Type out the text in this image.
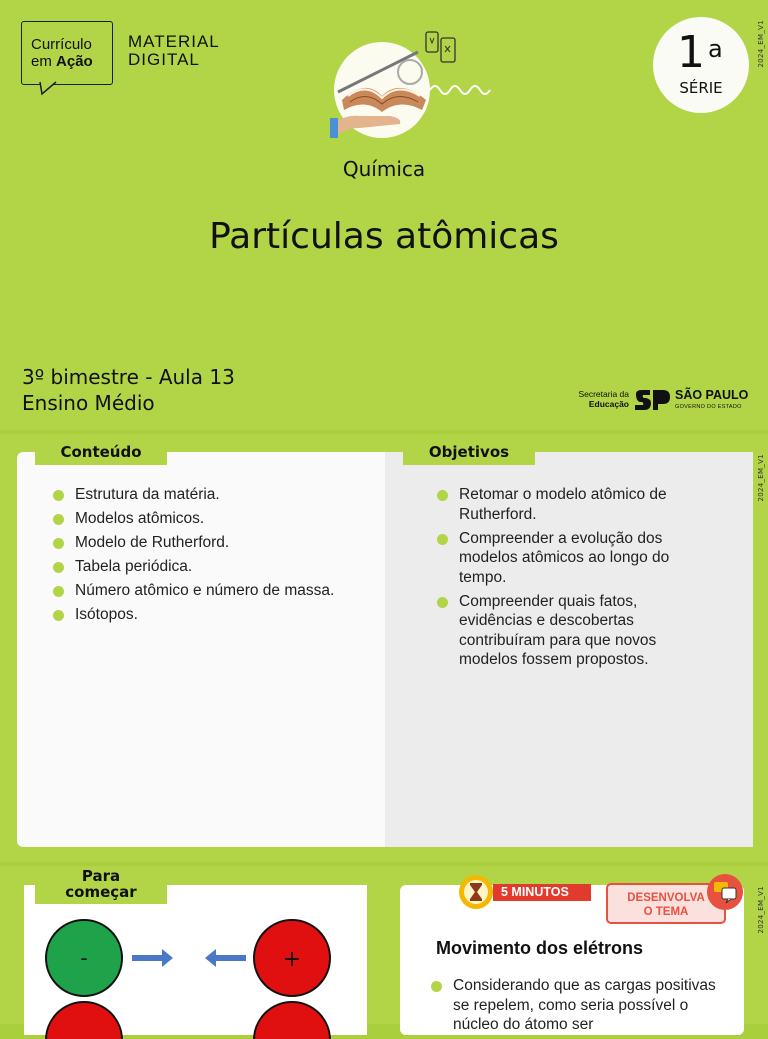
Currículo
em Ação
MATERIAL
DIGITAL	1 a
SÉRIE
Química
Partículas atômicas
3º bimestre - Aula 13
Ensino Médio	Secretaria da
Educação
SÃO PAULO
GOVERNO DO ESTADO
2024_EM_V1
Conteúdo	Objetivos
Estrutura da matéria.
Modelos atômicos.
Modelo de Rutherford.
Tabela periódica.
Número atômico e número de massa.
Isótopos.
Retomar o modelo atômico de Rutherford.
Compreender a evolução dos modelos atômicos ao longo do tempo.
Compreender quais fatos, evidências e descobertas contribuíram para que novos modelos fossem propostos.
2024_EM_V1
Para
começar
-	+
5 MINUTOS	DESENVOLVA
O TEMA
Movimento dos elétrons
Considerando que as cargas positivas se repelem, como seria possível o núcleo do átomo ser
2024_EM_V1
